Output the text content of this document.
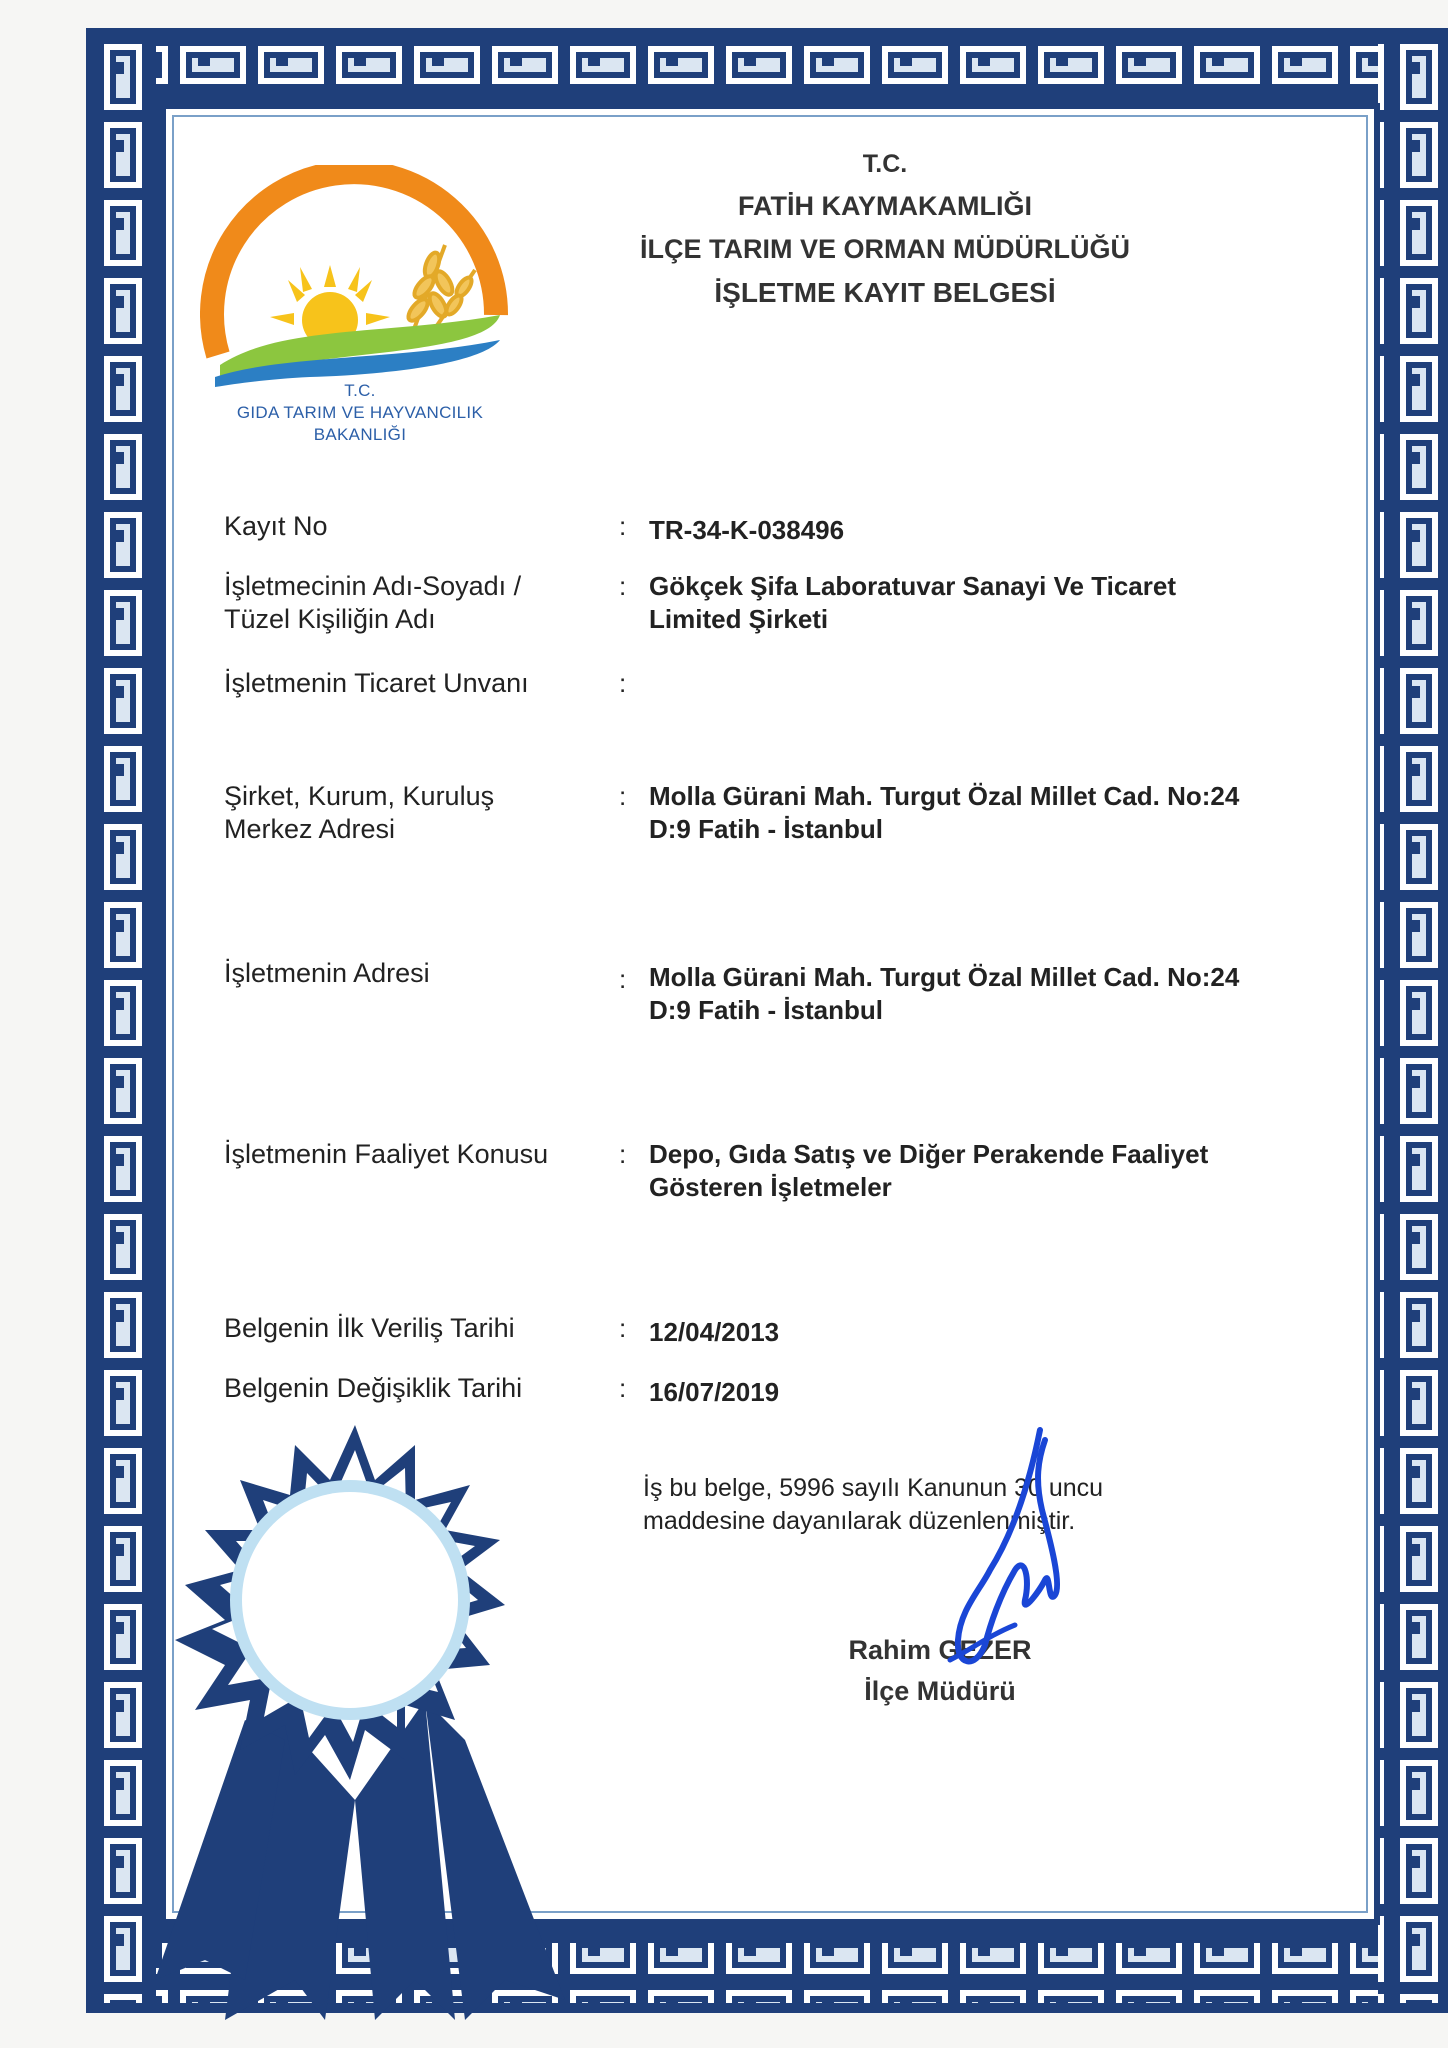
T.C.
GIDA TARIM VE HAYVANCILIK
BAKANLIĞI
T.C.
FATİH KAYMAKAMLIĞI
İLÇE TARIM VE ORMAN MÜDÜRLÜĞÜ
İŞLETME KAYIT BELGESİ
Kayıt No	: TR-34-K-038496
İşletmecinin Adı-Soyadı /
Tüzel Kişiliğin Adı
: Gökçek Şifa Laboratuvar Sanayi Ve Ticaret
Limited Şirketi
İşletmenin Ticaret Unvanı	:
Şirket, Kurum, Kuruluş
Merkez Adresi
: Molla Gürani Mah. Turgut Özal Millet Cad. No:24
D:9 Fatih - İstanbul
İşletmenin Adresi	: Molla Gürani Mah. Turgut Özal Millet Cad. No:24
D:9 Fatih - İstanbul
İşletmenin Faaliyet Konusu	: Depo, Gıda Satış ve Diğer Perakende Faaliyet
Gösteren İşletmeler
Belgenin İlk Veriliş Tarihi	: 12/04/2013
Belgenin Değişiklik Tarihi	: 16/07/2019
İş bu belge, 5996 sayılı Kanunun 30 uncu
maddesine dayanılarak düzenlenmiştir.
Rahim GEZER
İlçe Müdürü
